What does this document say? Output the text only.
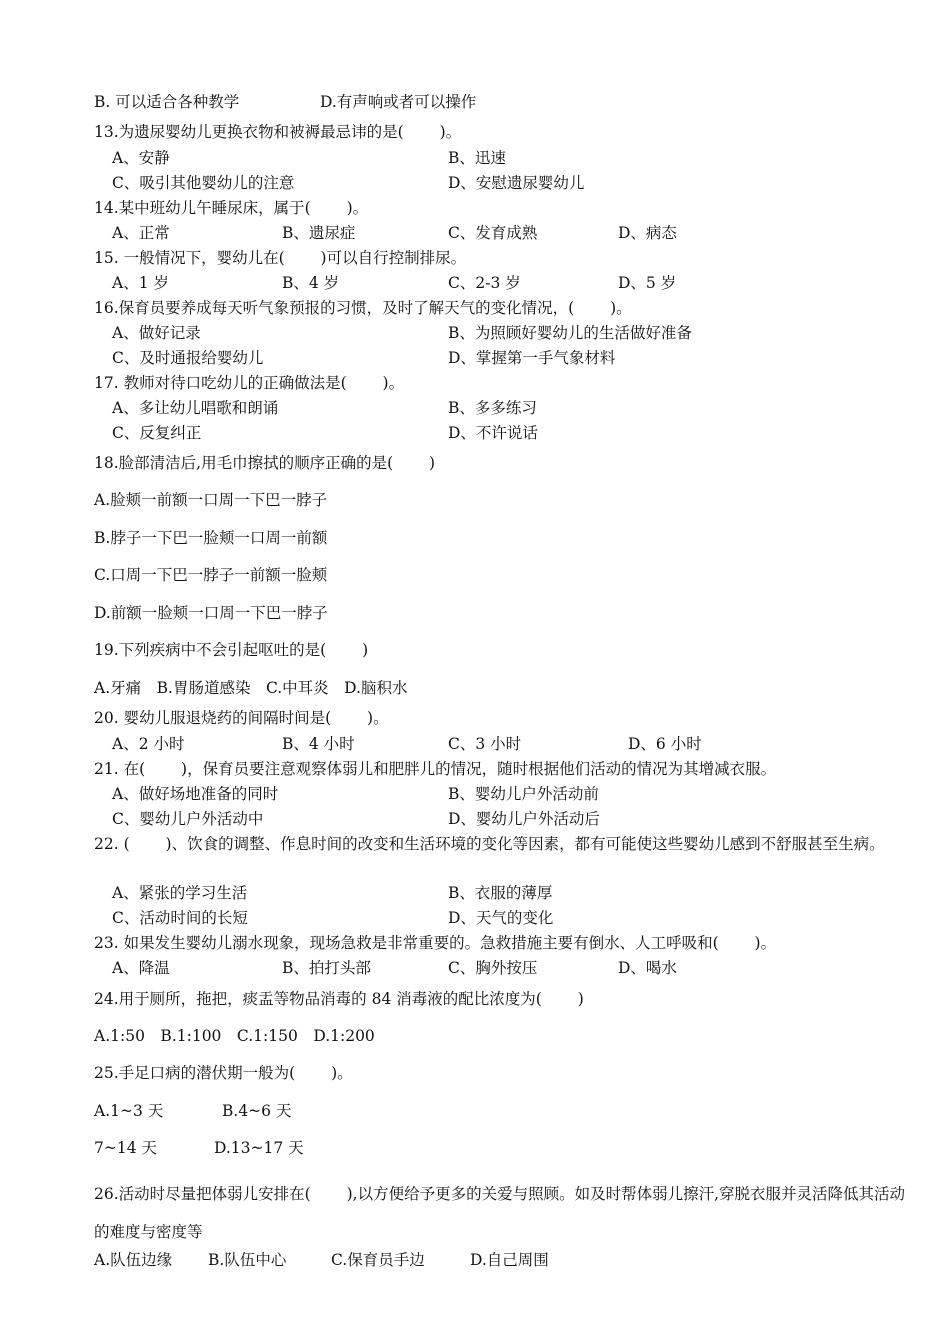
B. 可以适合各种教学	D.有声响或者可以操作
13.为遗尿婴幼儿更换衣物和被褥最忌讳的是(　　 )。
A、安静	B、迅速
C、吸引其他婴幼儿的注意	D、安慰遗尿婴幼儿
14.某中班幼儿午睡尿床，属于(　　 )。
A、正常	B、遗尿症	C、发育成熟	D、病态
15. 一般情况下，婴幼儿在(　　 )可以自行控制排尿。
A、1 岁	B、4 岁	C、2-3 岁	D、5 岁
16.保育员要养成每天听气象预报的习惯，及时了解天气的变化情况，(　　 )。
A、做好记录	B、为照顾好婴幼儿的生活做好准备
C、及时通报给婴幼儿	D、掌握第一手气象材料
17. 教师对待口吃幼儿的正确做法是(　　 )。
A、多让幼儿唱歌和朗诵	B、多多练习
C、反复纠正	D、不许说话
18.脸部清洁后,用毛巾擦拭的顺序正确的是(　　 )
A.脸颊一前额一口周一下巴一脖子
B.脖子一下巴一脸颊一口周一前额
C.口周一下巴一脖子一前额一脸颊
D.前额一脸颊一口周一下巴一脖子
19.下列疾病中不会引起呕吐的是(　　 )
A.牙痛　B.胃肠道感染　C.中耳炎　D.脑积水
20. 婴幼儿服退烧药的间隔时间是(　　 )。
A、2 小时	B、4 小时	C、3 小时	D、6 小时
21. 在(　　 )，保育员要注意观察体弱儿和肥胖儿的情况，随时根据他们活动的情况为其增减衣服。
A、做好场地准备的同时	B、婴幼儿户外活动前
C、婴幼儿户外活动中	D、婴幼儿户外活动后
22. (　　 )、饮食的调整、作息时间的改变和生活环境的变化等因素，都有可能使这些婴幼儿感到不舒服甚至生病。
A、紧张的学习生活	B、衣服的薄厚
C、活动时间的长短	D、天气的变化
23. 如果发生婴幼儿溺水现象，现场急救是非常重要的。急救措施主要有倒水、人工呼吸和(　　 )。
A、降温	B、拍打头部	C、胸外按压	D、喝水
24.用于厕所，拖把，痰盂等物品消毒的 84 消毒液的配比浓度为(　　 )
A.1:50　B.1:100　C.1:150　D.1:200
25.手足口病的潜伏期一般为(　　 )。
A.1~3 天	B.4~6 天
7~14 天	D.13~17 天
26.活动时尽量把体弱儿安排在(　　 ),以方便给予更多的关爱与照顾。如及时帮体弱儿擦汗,穿脱衣服并灵活降低其活动的难度与密度等
A.队伍边缘 B.队伍中心	C.保育员手边	D.自己周围
